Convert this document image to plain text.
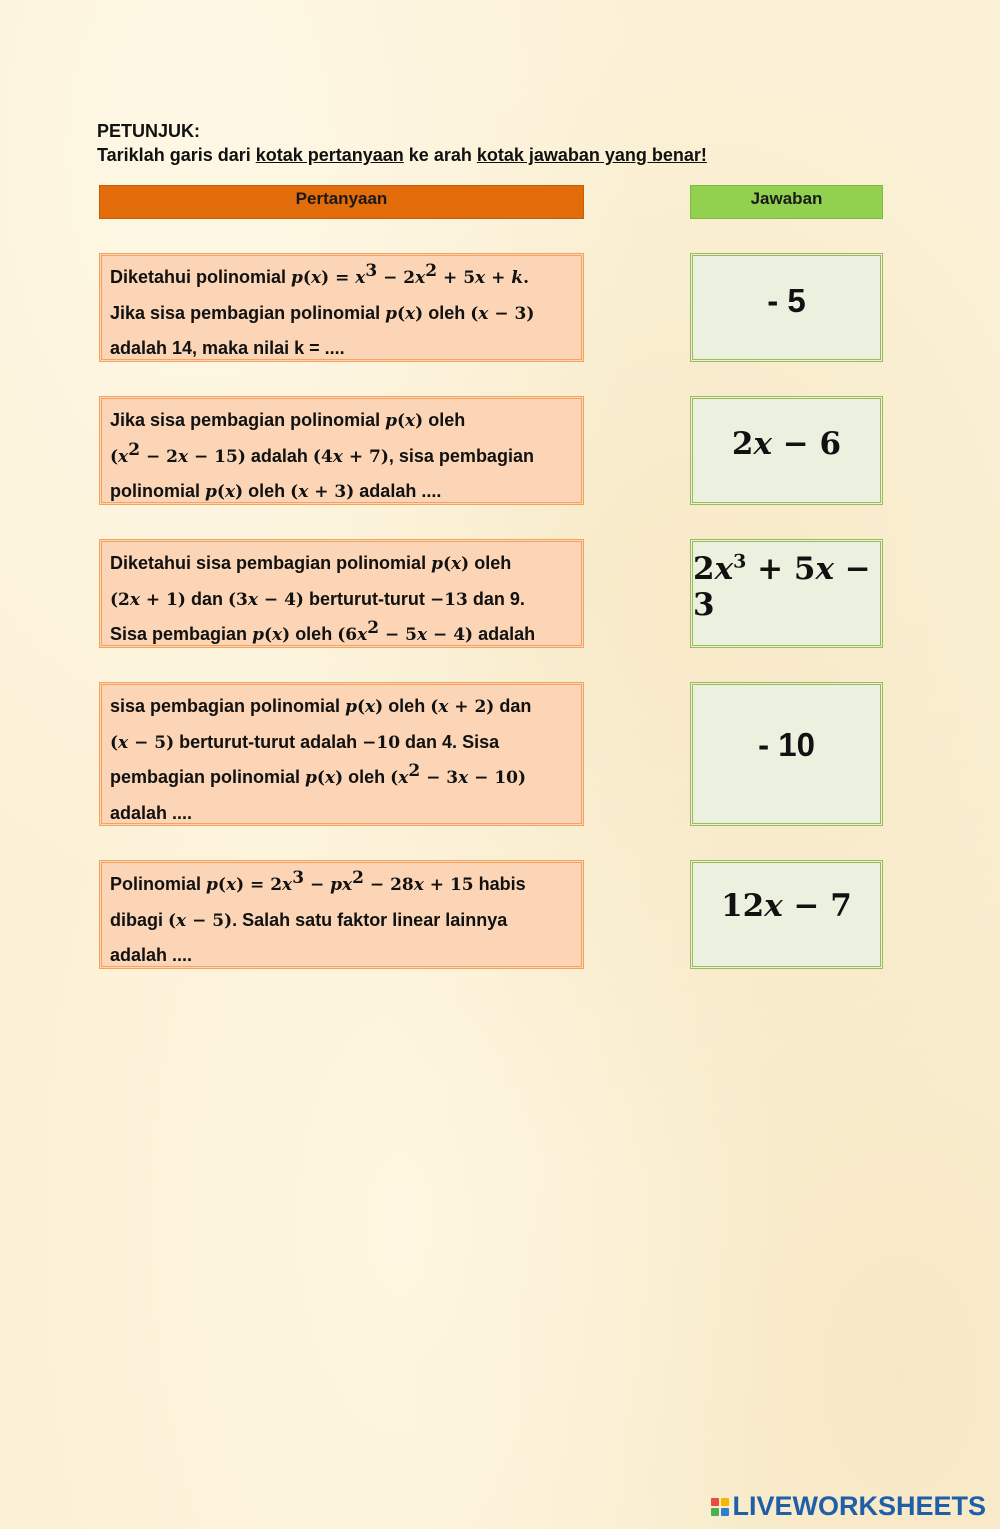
PETUNJUK:
Tariklah garis dari kotak pertanyaan ke arah kotak jawaban yang benar!
Pertanyaan	Jawaban
Diketahui polinomial $p(x) = x^3 - 2x^2 + 5x + k$.
Jika sisa pembagian polinomial p(x) oleh (x − 3)
adalah 14, maka nilai k = ....
Jika sisa pembagian polinomial p(x) oleh
$(x^2 - 2x - 15)$ adalah (4x + 7), sisa pembagian
polinomial p(x) oleh (x + 3) adalah ....
Diketahui sisa pembagian polinomial p(x) oleh
(2x + 1) dan (3x − 4) berturut-turut −13 dan 9.
Sisa pembagian p(x) oleh $(6x^2 - 5x - 4)$ adalah
sisa pembagian polinomial p(x) oleh (x + 2) dan
(x − 5) berturut-turut adalah −10 dan 4. Sisa
pembagian polinomial p(x) oleh $(x^2 - 3x - 10)$
adalah ....
Polinomial $p(x) = 2x^3 - px^2 - 28x + 15$ habis
dibagi (x − 5). Salah satu faktor linear lainnya
adalah ....
- 5
2x − 6
$2x^3 + 5x - 3$
- 10
12x − 7
LIVEWORKSHEETS
